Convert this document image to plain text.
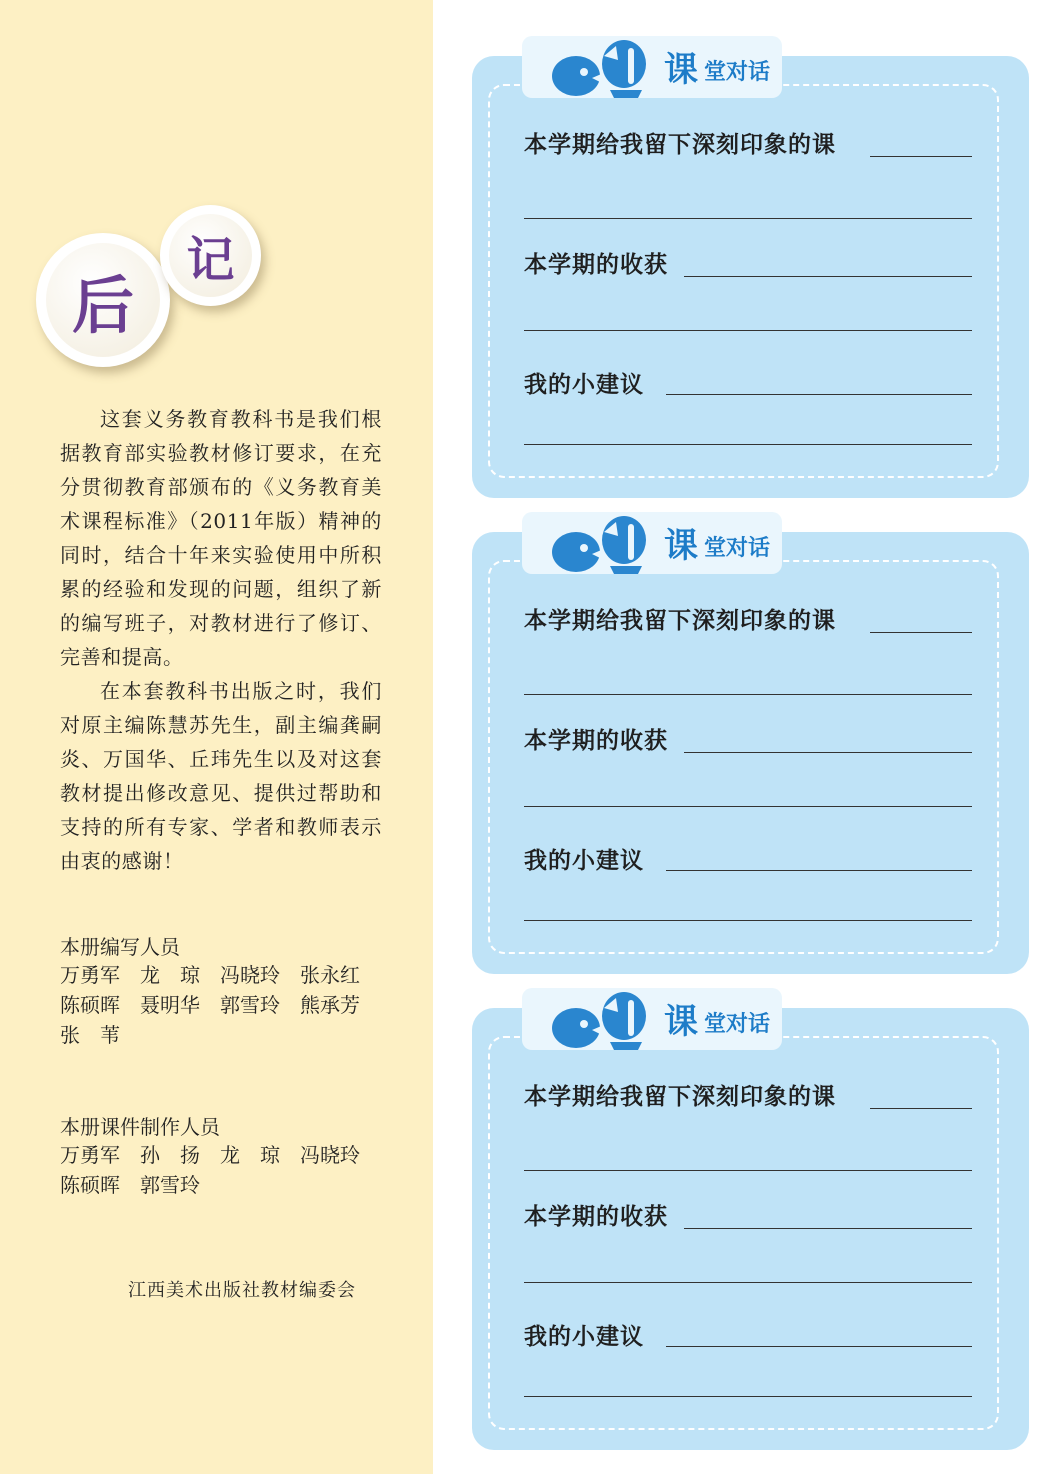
后
记

这套义务教育教科书是我们根据教育部实验教材修订要求，在充分贯彻教育部颁布的《义务教育美术课程标准》（2011年版）精神的同时，结合十年来实验使用中所积累的经验和发现的问题，组织了新的编写班子，对教材进行了修订、完善和提高。

在本套教科书出版之时，我们对原主编陈慧苏先生，副主编龚嗣炎、万国华、丘玮先生以及对这套教材提出修改意见、提供过帮助和支持的所有专家、学者和教师表示由衷的感谢！

本册编写人员
万勇军　龙　琼　冯晓玲　张永红
陈硕晖　聂明华　郭雪玲　熊承芳
张　苇
本册课件制作人员
万勇军　孙　扬　龙　琼　冯晓玲
陈硕晖　郭雪玲
江西美术出版社教材编委会
课 堂对话
本学期给我留下深刻印象的课
本学期的收获
我的小建议
课 堂对话
本学期给我留下深刻印象的课
本学期的收获
我的小建议
课 堂对话
本学期给我留下深刻印象的课
本学期的收获
我的小建议
